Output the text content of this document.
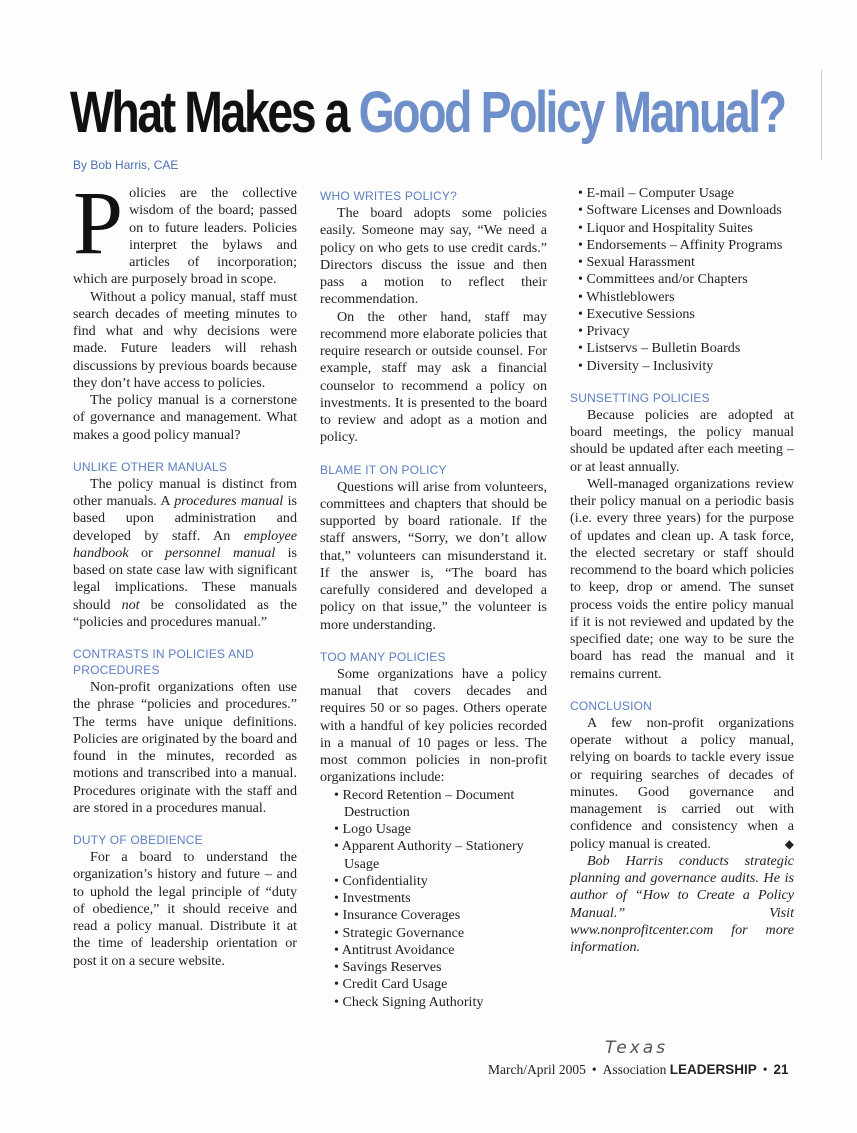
What Makes a Good Policy Manual?
By Bob Harris, CAE

Policies are the collective wisdom of the board; passed on to future leaders. Policies interpret the bylaws and articles of incorporation; which are purposely broad in scope.

Without a policy manual, staff must search decades of meeting minutes to find what and why decisions were made. Future leaders will rehash discussions by previous boards because they don’t have access to policies.

The policy manual is a cornerstone of governance and management. What makes a good policy manual?

UNLIKE OTHER MANUALS

The policy manual is distinct from other manuals. A procedures manual is based upon administration and developed by staff. An employee handbook or personnel manual is based on state case law with significant legal implications. These manuals should not be consolidated as the “policies and procedures manual.”

CONTRASTS IN POLICIES AND PROCEDURES

Non-profit organizations often use the phrase “policies and procedures.” The terms have unique definitions. Policies are originated by the board and found in the minutes, recorded as motions and transcribed into a manual. Procedures originate with the staff and are stored in a procedures manual.

DUTY OF OBEDIENCE

For a board to understand the organization’s history and future – and to uphold the legal principle of “duty of obedience,” it should receive and read a policy manual. Distribute it at the time of leadership orientation or post it on a secure website.

WHO WRITES POLICY?

The board adopts some policies easily. Someone may say, “We need a policy on who gets to use credit cards.” Directors discuss the issue and then pass a motion to reflect their recommendation.

On the other hand, staff may recommend more elaborate policies that require research or outside counsel. For example, staff may ask a financial counselor to recommend a policy on investments. It is presented to the board to review and adopt as a motion and policy.

BLAME IT ON POLICY

Questions will arise from volunteers, committees and chapters that should be supported by board rationale. If the staff answers, “Sorry, we don’t allow that,” volunteers can misunderstand it. If the answer is, “The board has carefully considered and developed a policy on that issue,” the volunteer is more understanding.

TOO MANY POLICIES

Some organizations have a policy manual that covers decades and requires 50 or so pages. Others operate with a handful of key policies recorded in a manual of 10 pages or less. The most common policies in non-profit organizations include:

• Record Retention – Document Destruction
• Logo Usage
• Apparent Authority – Stationery Usage
• Confidentiality
• Investments
• Insurance Coverages
• Strategic Governance
• Antitrust Avoidance
• Savings Reserves
• Credit Card Usage
• Check Signing Authority
• E-mail – Computer Usage
• Software Licenses and Downloads
• Liquor and Hospitality Suites
• Endorsements – Affinity Programs
• Sexual Harassment
• Committees and/or Chapters
• Whistleblowers
• Executive Sessions
• Privacy
• Listservs – Bulletin Boards
• Diversity – Inclusivity
SUNSETTING POLICIES

Because policies are adopted at board meetings, the policy manual should be updated after each meeting – or at least annually.

Well-managed organizations review their policy manual on a periodic basis (i.e. every three years) for the purpose of updates and clean up. A task force, the elected secretary or staff should recommend to the board which policies to keep, drop or amend. The sunset process voids the entire policy manual if it is not reviewed and updated by the specified date; one way to be sure the board has read the manual and it remains current.

CONCLUSION

A few non-profit organizations operate without a policy manual, relying on boards to tackle every issue or requiring searches of decades of minutes. Good governance and management is carried out with confidence and consistency when a policy manual is created.	◆

Bob Harris conducts strategic planning and governance audits. He is author of “How to Create a Policy Manual.” Visit www.nonprofitcenter.com for more information.

Texas
March/April 2005 • Association LEADERSHIP • 21
